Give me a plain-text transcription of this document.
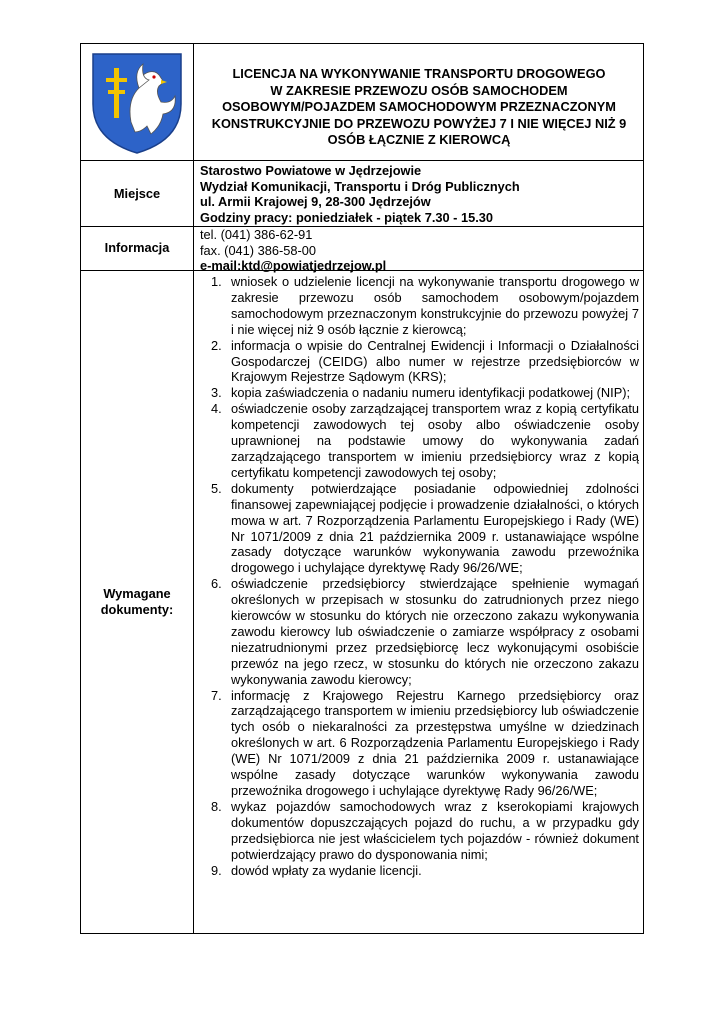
LICENCJA NA WYKONYWANIE TRANSPORTU DROGOWEGO
W ZAKRESIE PRZEWOZU OSÓB SAMOCHODEM
OSOBOWYM/POJAZDEM SAMOCHODOWYM PRZEZNACZONYM
KONSTRUKCYJNIE DO PRZEWOZU POWYŻEJ 7 I NIE WIĘCEJ NIŻ 9
OSÓB ŁĄCZNIE Z KIEROWCĄ
Miejsce
Starostwo Powiatowe w Jędrzejowie
Wydział Komunikacji, Transportu i Dróg Publicznych
ul. Armii Krajowej 9, 28-300 Jędrzejów
Godziny pracy: poniedziałek - piątek 7.30 - 15.30
Informacja
tel. (041) 386-62-91
fax. (041) 386-58-00
e-mail:ktd@powiatjedrzejow.pl
Wymagane
dokumenty:
1. wniosek o udzielenie licencji na wykonywanie transportu drogowego w zakresie przewozu osób samochodem osobowym/pojazdem samochodowym przeznaczonym konstrukcyjnie do przewozu powyżej 7 i nie więcej niż 9 osób łącznie z kierowcą;
2. informacja o wpisie do Centralnej Ewidencji i Informacji o Działalności Gospodarczej (CEIDG) albo numer w rejestrze przedsiębiorców w Krajowym Rejestrze Sądowym (KRS);
3. kopia zaświadczenia o nadaniu numeru identyfikacji podatkowej (NIP);
4. oświadczenie osoby zarządzającej transportem wraz z kopią certyfikatu kompetencji zawodowych tej osoby albo oświadczenie osoby uprawnionej na podstawie umowy do wykonywania zadań zarządzającego transportem w imieniu przedsiębiorcy wraz z kopią certyfikatu kompetencji zawodowych tej osoby;
5. dokumenty potwierdzające posiadanie odpowiedniej zdolności finansowej zapewniającej podjęcie i prowadzenie działalności, o których mowa w art. 7 Rozporządzenia Parlamentu Europejskiego i Rady (WE) Nr 1071/2009 z dnia 21 października 2009 r. ustanawiające wspólne zasady dotyczące warunków wykonywania zawodu przewoźnika drogowego i uchylające dyrektywę Rady 96/26/WE;
6. oświadczenie przedsiębiorcy stwierdzające spełnienie wymagań określonych w przepisach w stosunku do zatrudnionych przez niego kierowców w stosunku do których nie orzeczono zakazu wykonywania zawodu kierowcy lub oświadczenie o zamiarze współpracy z osobami niezatrudnionymi przez przedsiębiorcę lecz wykonującymi osobiście przewóz na jego rzecz, w stosunku do których nie orzeczono zakazu wykonywania zawodu kierowcy;
7. informację z Krajowego Rejestru Karnego przedsiębiorcy oraz zarządzającego transportem w imieniu przedsiębiorcy lub oświadczenie tych osób o niekaralności za przestępstwa umyślne w dziedzinach określonych w art. 6 Rozporządzenia Parlamentu Europejskiego i Rady (WE) Nr 1071/2009 z dnia 21 października 2009 r. ustanawiające wspólne zasady dotyczące warunków wykonywania zawodu przewoźnika drogowego i uchylające dyrektywę Rady 96/26/WE;
8. wykaz pojazdów samochodowych wraz z kserokopiami krajowych dokumentów dopuszczających pojazd do ruchu, a w przypadku gdy przedsiębiorca nie jest właścicielem tych pojazdów - również dokument potwierdzający prawo do dysponowania nimi;
9. dowód wpłaty za wydanie licencji.
